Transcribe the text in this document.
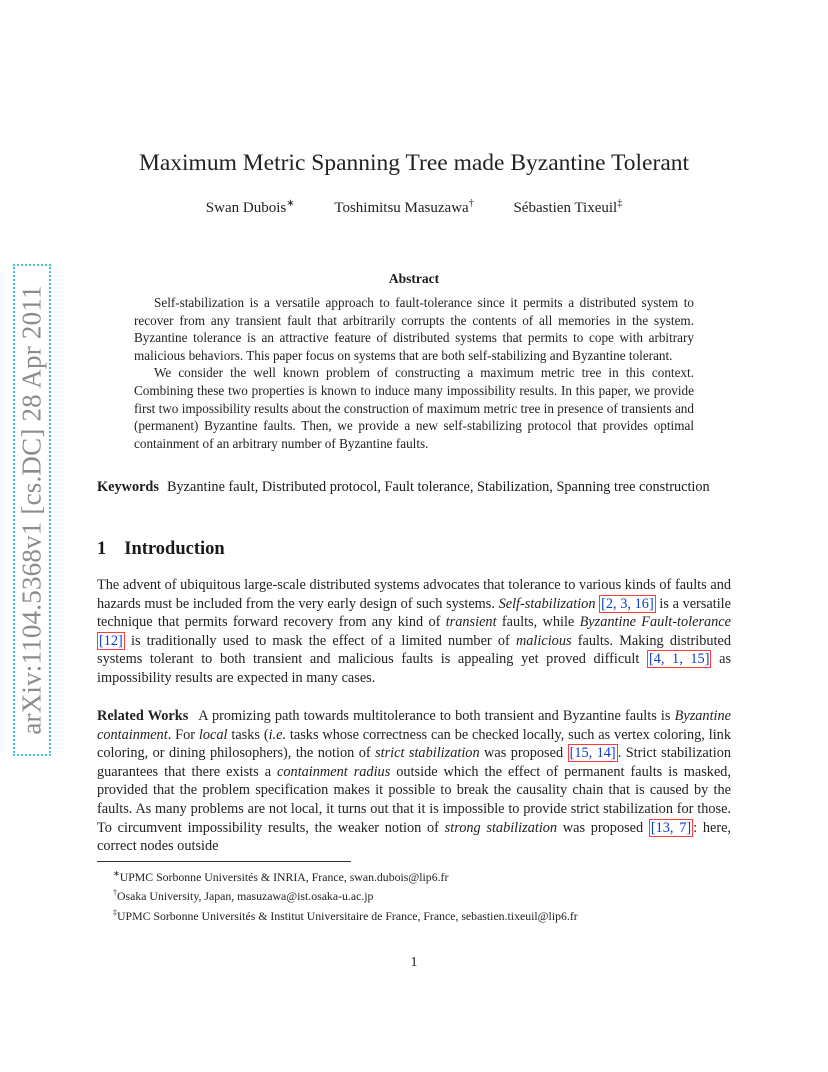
arXiv:1104.5368v1 [cs.DC] 28 Apr 2011
Maximum Metric Spanning Tree made Byzantine Tolerant
Swan Dubois∗	Toshimitsu Masuzawa†	Sébastien Tixeuil‡
Abstract

Self-stabilization is a versatile approach to fault-tolerance since it permits a distributed system to recover from any transient fault that arbitrarily corrupts the contents of all memories in the system. Byzantine tolerance is an attractive feature of distributed systems that permits to cope with arbitrary malicious behaviors. This paper focus on systems that are both self-stabilizing and Byzantine tolerant.

We consider the well known problem of constructing a maximum metric tree in this context. Combining these two properties is known to induce many impossibility results. In this paper, we provide first two impossibility results about the construction of maximum metric tree in presence of transients and (permanent) Byzantine faults. Then, we provide a new self-stabilizing protocol that provides optimal containment of an arbitrary number of Byzantine faults.

Keywords Byzantine fault, Distributed protocol, Fault tolerance, Stabilization, Spanning tree construction
1 Introduction

The advent of ubiquitous large-scale distributed systems advocates that tolerance to various kinds of faults and hazards must be included from the very early design of such systems. Self-stabilization [2, 3, 16] is a versatile technique that permits forward recovery from any kind of transient faults, while Byzantine Fault-tolerance [12] is traditionally used to mask the effect of a limited number of malicious faults. Making distributed systems tolerant to both transient and malicious faults is appealing yet proved difficult [4, 1, 15] as impossibility results are expected in many cases.

Related Works A promizing path towards multitolerance to both transient and Byzantine faults is Byzantine containment. For local tasks (i.e. tasks whose correctness can be checked locally, such as vertex coloring, link coloring, or dining philosophers), the notion of strict stabilization was proposed [15, 14] . Strict stabilization guarantees that there exists a containment radius outside which the effect of permanent faults is masked, provided that the problem specification makes it possible to break the causality chain that is caused by the faults. As many problems are not local, it turns out that it is impossible to provide strict stabilization for those. To circumvent impossibility results, the weaker notion of strong stabilization was proposed [13, 7] : here, correct nodes outside

∗UPMC Sorbonne Universités & INRIA, France, swan.dubois@lip6.fr
†Osaka University, Japan, masuzawa@ist.osaka-u.ac.jp
‡UPMC Sorbonne Universités & Institut Universitaire de France, France, sebastien.tixeuil@lip6.fr
1
